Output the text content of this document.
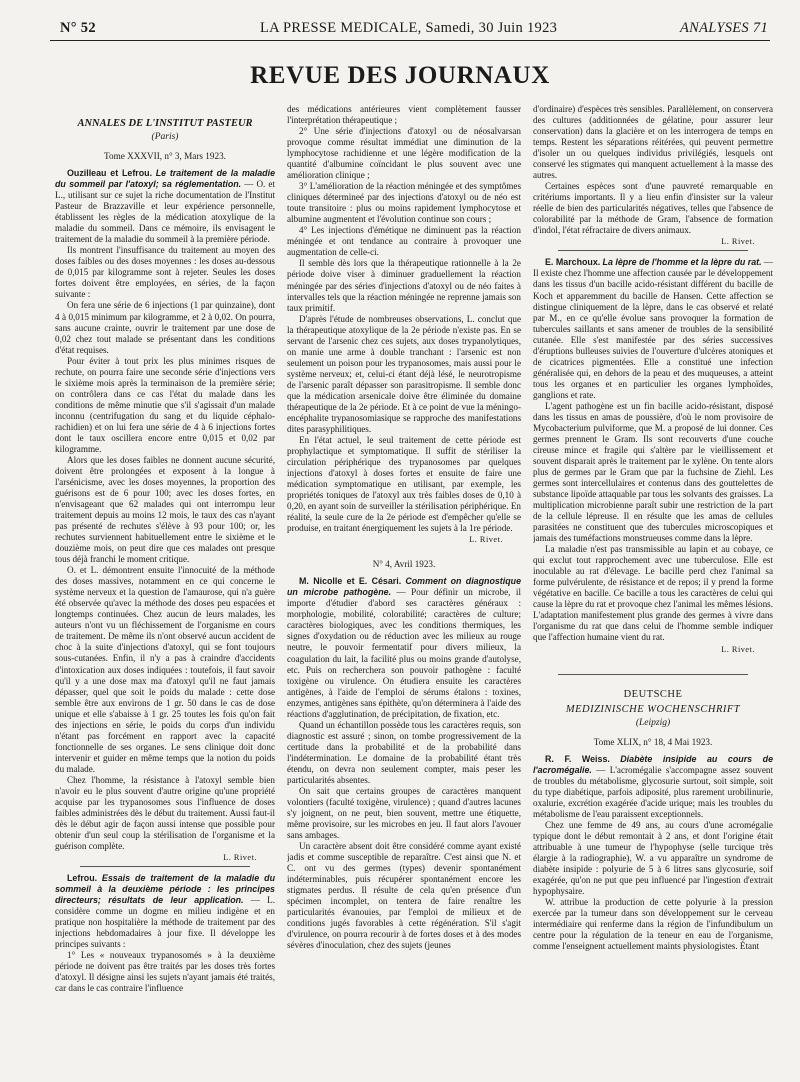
N° 52	LA PRESSE MEDICALE, Samedi, 30 Juin 1923	ANALYSES 71
REVUE DES JOURNAUX
ANNALES DE L'INSTITUT PASTEUR
(Paris)
Tome XXXVII, n° 3, Mars 1923.

Ouzilleau et Lefrou. Le traitement de la maladie du sommeil par l'atoxyl; sa réglementation. — O. et L., utilisant sur ce sujet la riche documentation de l'Institut Pasteur de Brazzaville et leur expérience personnelle, établissent les règles de la médication atoxylique de la maladie du sommeil. Dans ce mémoire, ils envisagent le traitement de la maladie du sommeil à la première période.

Ils montrent l'insuffisance du traitement au moyen des doses faibles ou des doses moyennes : les doses au-dessous de 0,015 par kilogramme sont à rejeter. Seules les doses fortes doivent être employées, en séries, de la façon suivante :

On fera une série de 6 injections (1 par quinzaine), dont 4 à 0,015 minimum par kilogramme, et 2 à 0,02. On pourra, sans aucune crainte, ouvrir le traitement par une dose de 0,02 chez tout malade se présentant dans les conditions d'état requises.

Pour éviter à tout prix les plus minimes risques de rechute, on pourra faire une seconde série d'injections vers le sixième mois après la terminaison de la première série; on contrôlera dans ce cas l'état du malade dans les conditions de même minutie que s'il s'agissait d'un malade inconnu (centrifugation du sang et du liquide céphalo-rachidien) et on lui fera une série de 4 à 6 injections fortes dont le taux oscillera encore entre 0,015 et 0,02 par kilogramme.

Alors que les doses faibles ne donnent aucune sécurité, doivent être prolongées et exposent à la longue à l'arsénicisme, avec les doses moyennes, la proportion des guérisons est de 6 pour 100; avec les doses fortes, en n'envisageant que 62 malades qui ont interrompu leur traitement depuis au moins 12 mois, le taux des cas n'ayant pas présenté de rechutes s'élève à 93 pour 100; or, les rechutes surviennent habituellement entre le sixième et le douzième mois, on peut dire que ces malades ont presque tous déjà franchi le moment critique.

O. et L. démontrent ensuite l'innocuité de la méthode des doses massives, notamment en ce qui concerne le système nerveux et la question de l'amaurose, qui n'a guère été observée qu'avec la méthode des doses peu espacées et longtemps continuées. Chez aucun de leurs malades, les auteurs n'ont vu un fléchissement de l'organisme en cours de traitement. De même ils n'ont observé aucun accident de choc à la suite d'injections d'atoxyl, qui se font toujours sous-cutanées. Enfin, il n'y a pas à craindre d'accidents d'intoxication aux doses indiquées : toutefois, il faut savoir qu'il y a une dose max ma d'atoxyl qu'il ne faut jamais dépasser, quel que soit le poids du malade : cette dose semble être aux environs de 1 gr. 50 dans le cas de dose unique et elle s'abaisse à 1 gr. 25 toutes les fois qu'on fait des injections en série, le poids du corps d'un individu n'étant pas forcément en rapport avec la capacité fonctionnelle de ses organes. Le sens clinique doit donc intervenir et guider en même temps que la notion du poids du malade.

Chez l'homme, la résistance à l'atoxyl semble bien n'avoir eu le plus souvent d'autre origine qu'une propriété acquise par les trypanosomes sous l'influence de doses faibles administrées dès le début du traitement. Aussi faut-il dès le début agir de façon aussi intense que possible pour obtenir d'un seul coup la stérilisation de l'organisme et la guérison complète.

L. Rivet.

Lefrou. Essais de traitement de la maladie du sommeil à la deuxième période : les principes directeurs; résultats de leur application. — L. considère comme un dogme en milieu indigène et en pratique non hospitalière la méthode de traitement par des injections hebdomadaires à jour fixe. Il développe les principes suivants :

1° Les « nouveaux trypanosomés » à la deuxième période ne doivent pas être traités par les doses très fortes d'atoxyl. Il désigne ainsi les sujets n'ayant jamais été traités, car dans le cas contraire l'influence

des médications antérieures vient complètement fausser l'interprétation thérapeutique ;

2° Une série d'injections d'atoxyl ou de néosalvarsan provoque comme résultat immédiat une diminution de la lymphocytose rachidienne et une légère modification de la quantité d'albumine coïncidant le plus souvent avec une amélioration clinique ;

3° L'amélioration de la réaction méningée et des symptômes cliniques détermineé par des injections d'atoxyl ou de néo est toute transitoire : plus ou moins rapidement lymphocytose et albumine augmentent et l'évolution continue son cours ;

4° Les injections d'émétique ne diminuent pas la réaction méningée et ont tendance au contraire à provoquer une augmentation de celle-ci.

Il semble dès lors que la thérapeutique rationnelle à la 2e période doive viser à diminuer graduellement la réaction méningée par des séries d'injections d'atoxyl ou de néo faites à intervalles tels que la réaction méningée ne reprenne jamais son taux primitif.

D'après l'étude de nombreuses observations, L. conclut que la thérapeutique atoxylique de la 2e période n'existe pas. En se servant de l'arsenic chez ces sujets, aux doses trypanolytiques, on manie une arme à double tranchant : l'arsenic est non seulement un poison pour les trypanosomes, mais aussi pour le système nerveux; et, celui-ci étant déjà lésé, le neurotropisme de l'arsenic paraît dépasser son parasitropisme. Il semble donc que la médication arsenicale doive être éliminée du domaine thérapeutique de la 2e période. Et à ce point de vue la méningo-encéphalite trypanosomiasique se rapproche des manifestations dites parasyphilitiques.

En l'état actuel, le seul traitement de cette période est prophylactique et symptomatique. Il suffit de stériliser la circulation périphérique des trypanosomes par quelques injections d'atoxyl à doses fortes et ensuite de faire une médication symptomatique en utilisant, par exemple, les propriétés toniques de l'atoxyl aux très faibles doses de 0,10 à 0,20, en ayant soin de surveiller la stérilisation périphérique. En réalité, la seule cure de la 2e période est d'empêcher qu'elle se produise, en traitant énergiquement les sujets à la 1re période.

L. Rivet.
N° 4, Avril 1923.

M. Nicolle et E. Césari. Comment on diagnostique un microbe pathogène. — Pour définir un microbe, il importe d'étudier d'abord ses caractères généraux : morphologie, mobilité, colorabilité; caractères de culture; caractères biologiques, avec les conditions thermiques, les signes d'oxydation ou de réduction avec les milieux au rouge neutre, le pouvoir fermentatif pour divers milieux, la coagulation du lait, la facilité plus ou moins grande d'autolyse, etc. Puis on recherchera son pouvoir pathogène : faculté toxigène ou virulence. On étudiera ensuite les caractères antigènes, à l'aide de l'emploi de sérums étalons : toxines, enzymes, antigènes sans épithète, qu'on déterminera à l'aide des réactions d'agglutination, de précipitation, de fixation, etc.

Quand un échantillon possède tous les caractères requis, son diagnostic est assuré ; sinon, on tombe progressivement de la certitude dans la probabilité et de la probabilité dans l'indétermination. Le domaine de la probabilité étant très étendu, on devra non seulement compter, mais peser les particularités absentes.

On sait que certains groupes de caractères manquent volontiers (faculté toxigène, virulence) ; quand d'autres lacunes s'y joignent, on ne peut, bien souvent, mettre une étiquette, même provisoire, sur les microbes en jeu. Il faut alors l'avouer sans ambages.

Un caractère absent doit être considéré comme ayant existé jadis et comme susceptible de reparaître. C'est ainsi que N. et C. ont vu des germes (types) devenir spontanément indéterminables, puis récupérer spontanément encore les stigmates perdus. Il résulte de cela qu'en présence d'un spécimen incomplet, on tentera de faire renaître les particularités évanouies, par l'emploi de milieux et de conditions jugés favorables à cette régénération. S'il s'agit d'virulence, on pourra recourir à de fortes doses et à des modes sévères d'inoculation, chez des sujets (jeunes

d'ordinaire) d'espèces très sensibles. Parallèlement, on conservera des cultures (additionnées de gélatine, pour assurer leur conservation) dans la glacière et on les interrogera de temps en temps. Restent les séparations réitérées, qui peuvent permettre d'isoler un ou quelques individus privilégiés, lesquels ont conservé les stigmates qui manquent actuellement à la masse des autres.

Certaines espèces sont d'une pauvreté remarquable en critériums importants. Il y a lieu enfin d'insister sur la valeur réelle de bien des particularités négatives, telles que l'absence de colorabilité par la méthode de Gram, l'absence de formation d'indol, l'état réfractaire de divers animaux.

L. Rivet.

E. Marchoux. La lèpre de l'homme et la lèpre du rat. — Il existe chez l'homme une affection causée par le développement dans les tissus d'un bacille acido-résistant différent du bacille de Koch et apparemment du bacille de Hansen. Cette affection se distingue cliniquement de la lèpre, dans le cas observé et relaté par M., en ce qu'elle évolue sans provoquer la formation de tubercules saillants et sans amener de troubles de la sensibilité cutanée. Elle s'est manifestée par des séries successives d'éruptions bulleuses suivies de l'ouverture d'ulcères atoniques et de cicatrices pigmentées. Elle a constitué une infection généralisée qui, en dehors de la peau et des muqueuses, a atteint tous les organes et en particulier les organes lymphoïdes, ganglions et rate.

L'agent pathogène est un fin bacille acido-résistant, disposé dans les tissus en amas de poussière, d'où le nom provisoire de Mycobacterium pulviforme, que M. a proposé de lui donner. Ces germes prennent le Gram. Ils sont recouverts d'une couche cireuse mince et fragile qui s'altère par le vieillissement et souvent disparait après le traitement par le xylène. On tente alors plus de germes par le Gram que par la fuchsine de Ziehl. Les germes sont intercellulaires et contenus dans des gouttelettes de substance lipoïde attaquable par tous les solvants des graisses. La multiplication microbienne paraît subir une restriction de la part de la cellule lépreuse. Il en résulte que les amas de cellules parasitées ne constituent que des tubercules microscopiques et jamais des tuméfactions monstrueuses comme dans la lèpre.

La maladie n'est pas transmissible au lapin et au cobaye, ce qui exclut tout rapprochement avec une tuberculose. Elle est inoculable au rat d'élevage. Le bacille perd chez l'animal sa forme pulvérulente, de résistance et de repos; il y prend la forme végétative en bacille. Ce bacille a tous les caractères de celui qui cause la lèpre du rat et provoque chez l'animal les mêmes lésions. L'adaptation manifestement plus grande des germes à vivre dans l'organisme du rat que dans celui de l'homme semble indiquer que l'affection humaine vient du rat.

L. Rivet.
DEUTSCHE
MEDIZINISCHE WOCHENSCHRIFT
(Leipzig)
Tome XLIX, n° 18, 4 Mai 1923.

R. F. Weiss. Diabète insipide au cours de l'acromégalie. — L'acromégalie s'accompagne assez souvent de troubles du métabolisme, glycosurie surtout, soit simple, soit du type diabétique, parfois adiposité, plus rarement urobilinurie, oxalurie, excrétion exagérée d'acide urique; mais les troubles du métabolisme de l'eau paraissent exceptionnels.

Chez une femme de 49 ans, au cours d'une acromégalie typique dont le début remontait à 2 ans, et dont l'origine était attribuable à une tumeur de l'hypophyse (selle turcique très élargie à la radiographie), W. a vu apparaître un syndrome de diabète insipide : polyurie de 5 à 6 litres sans glycosurie, soif exagérée, qu'on ne put que peu influencé par l'ingestion d'extrait hypophysaire.

W. attribue la production de cette polyurie à la pression exercée par la tumeur dans son développement sur le cerveau intermédiaire qui renferme dans la région de l'infundibulum un centre pour la régulation de la teneur en eau de l'organisme, comme l'enseignent actuellement maints physiologistes. Étant
